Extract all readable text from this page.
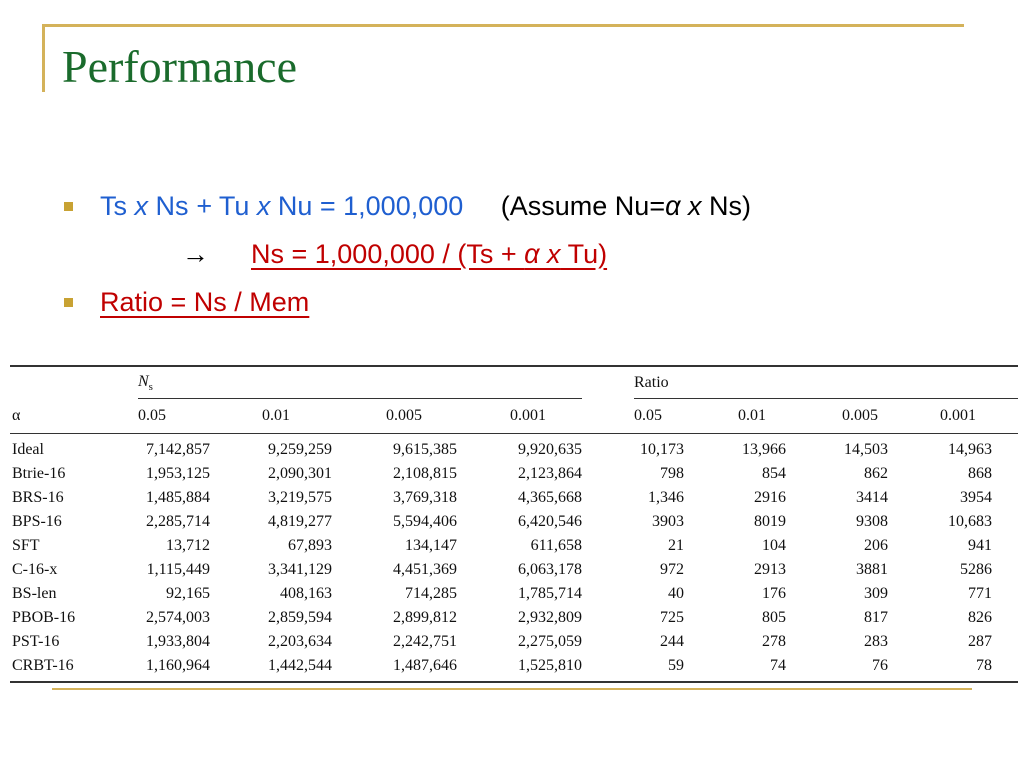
Performance
Ts x Ns + Tu x Nu = 1,000,000 (Assume Nu=α x Ns)
→ Ns = 1,000,000 / (Ts + α x Tu)
Ratio = Ns / Mem
$N_s$	Ratio
α	0.05	0.01	0.005	0.001	0.05	0.01	0.005	0.001
Ideal	7,142,857	9,259,259	9,615,385	9,920,635	10,173	13,966	14,503	14,963
Btrie-16	1,953,125	2,090,301	2,108,815	2,123,864	798	854	862	868
BRS-16	1,485,884	3,219,575	3,769,318	4,365,668	1,346	2916	3414	3954
BPS-16	2,285,714	4,819,277	5,594,406	6,420,546	3903	8019	9308	10,683
SFT	13,712	67,893	134,147	611,658	21	104	206	941
C-16-x	1,115,449	3,341,129	4,451,369	6,063,178	972	2913	3881	5286
BS-len	92,165	408,163	714,285	1,785,714	40	176	309	771
PBOB-16	2,574,003	2,859,594	2,899,812	2,932,809	725	805	817	826
PST-16	1,933,804	2,203,634	2,242,751	2,275,059	244	278	283	287
CRBT-16	1,160,964	1,442,544	1,487,646	1,525,810	59	74	76	78
